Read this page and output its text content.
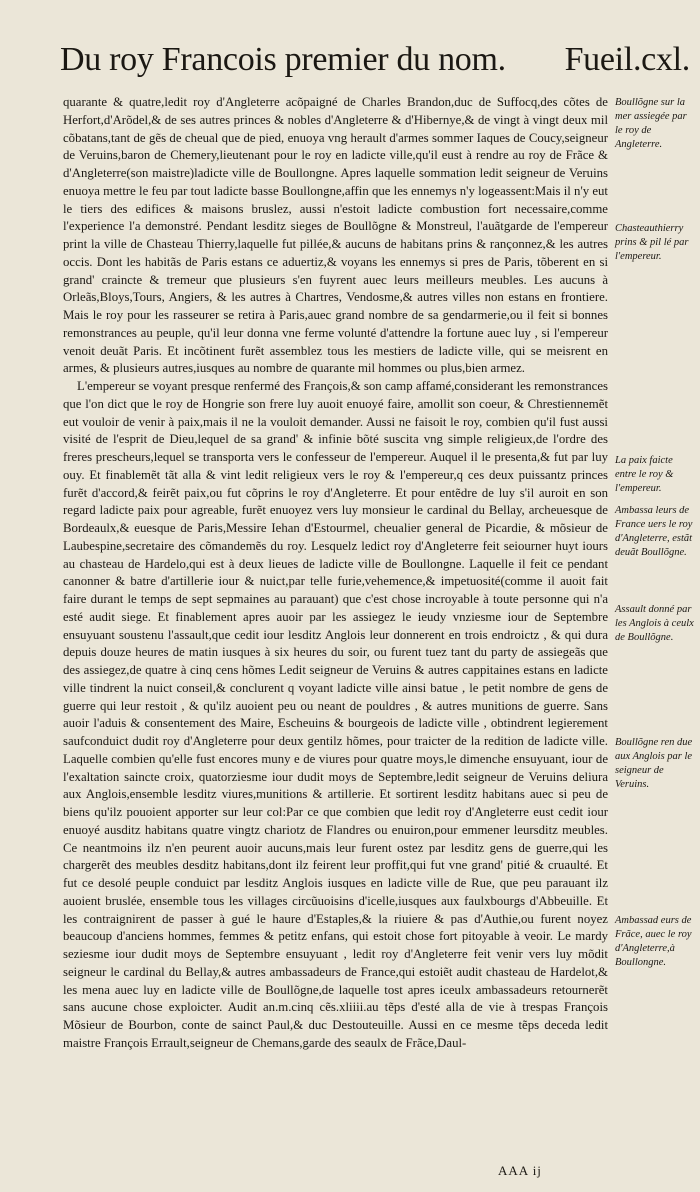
Du roy Francois premier du nom. Fueil.cxl.

quarante & quatre,ledit roy d'Angleterre acõpaigné de Charles Brandon,duc de Suffocq,des cõtes de Herfort,d'Arõdel,& de ses autres princes & nobles d'Angleterre & d'Hibernye,& de vingt à vingt deux mil cõbatans,tant de gẽs de cheual que de pied, enuoya vng herault d'armes sommer Iaques de Coucy,seigneur de Veruins,baron de Chemery,lieutenant pour le roy en ladicte ville,qu'il eust à rendre au roy de Frãce & d'Angleterre(son maistre)ladicte ville de Boullongne. Apres laquelle sommation ledit seigneur de Veruins enuoya mettre le feu par tout ladicte basse Boullongne,affin que les ennemys n'y logeassent:Mais il n'y eut le tiers des edifices & maisons bruslez, aussi n'estoit ladicte combustion fort necessaire,comme l'experience l'a demonstré. Pendant lesditz sieges de Boullõgne & Monstreul, l'auãtgarde de l'empereur print la ville de Chasteau Thierry,laquelle fut pillée,& aucuns de habitans prins & rançonnez,& les autres occis. Dont les habitãs de Paris estans ce aduertiz,& voyans les ennemys si pres de Paris, tõberent en si grand' craincte & tremeur que plusieurs s'en fuyrent auec leurs meilleurs meubles. Les aucuns à Orleãs,Bloys,Tours, Angiers, & les autres à Chartres, Vendosme,& autres villes non estans en frontiere. Mais le roy pour les rasseurer se retira à Paris,auec grand nombre de sa gendarmerie,ou il feit si bonnes remonstrances au peuple, qu'il leur donna vne ferme volunté d'attendre la fortune auec luy , si l'empereur venoit deuãt Paris. Et incõtinent furẽt assemblez tous les mestiers de ladicte ville, qui se meisrent en armes, & plusieurs autres,iusques au nombre de quarante mil hommes ou plus,bien armez.

L'empereur se voyant presque renfermé des François,& son camp affamé,considerant les remonstrances que l'on dict que le roy de Hongrie son frere luy auoit enuoyé faire, amollit son coeur, & Chrestiennemẽt eut vouloir de venir à paix,mais il ne la vouloit demander. Aussi ne faisoit le roy, combien qu'il fust aussi visité de l'esprit de Dieu,lequel de sa grand' & infinie bõté suscita vng simple religieux,de l'ordre des freres prescheurs,lequel se transporta vers le confesseur de l'empereur. Auquel il le presenta,& fut par luy ouy. Et finablemẽt tãt alla & vint ledit religieux vers le roy & l'empereur,q ces deux puissantz princes furẽt d'accord,& feirẽt paix,ou fut cõprins le roy d'Angleterre. Et pour entẽdre de luy s'il auroit en son regard ladicte paix pour agreable, furẽt enuoyez vers luy monsieur le cardinal du Bellay, archeuesque de Bordeaulx,& euesque de Paris,Messire Iehan d'Estourmel, cheualier general de Picardie, & mõsieur de Laubespine,secretaire des cõmandemẽs du roy. Lesquelz ledict roy d'Angleterre feit seiourner huyt iours au chasteau de Hardelo,qui est à deux lieues de ladicte ville de Boullongne. Laquelle il feit ce pendant canonner & batre d'artillerie iour & nuict,par telle furie,vehemence,& impetuosité(comme il auoit fait faire durant le temps de sept sepmaines au parauant) que c'est chose incroyable à toute personne qui n'a esté audit siege. Et finablement apres auoir par les assiegez le ieudy vnziesme iour de Septembre ensuyuant soustenu l'assault,que cedit iour lesditz Anglois leur donnerent en trois endroictz , & qui dura depuis douze heures de matin iusques à six heures du soir, ou furent tuez tant du party de assiegeãs que des assiegez,de quatre à cinq cens hõmes Ledit seigneur de Veruins & autres cappitaines estans en ladicte ville tindrent la nuict conseil,& conclurent q voyant ladicte ville ainsi batue , le petit nombre de gens de guerre qui leur restoit , & qu'ilz auoient peu ou neant de pouldres , & autres munitions de guerre. Sans auoir l'aduis & consentement des Maire, Escheuins & bourgeois de ladicte ville , obtindrent legierement saufconduict dudit roy d'Angleterre pour deux gentilz hõmes, pour traicter de la redition de ladicte ville. Laquelle combien qu'elle fust encores muny e de viures pour quatre moys,le dimenche ensuyuant, iour de l'exaltation saincte croix, quatorziesme iour dudit moys de Septembre,ledit seigneur de Veruins deliura aux Anglois,ensemble lesditz viures,munitions & artillerie. Et sortirent lesditz habitans auec si peu de biens qu'ilz pouoient apporter sur leur col:Par ce que combien que ledit roy d'Angleterre eust cedit iour enuoyé ausditz habitans quatre vingtz chariotz de Flandres ou enuiron,pour emmener leursditz meubles. Ce neantmoins ilz n'en peurent auoir aucuns,mais leur furent ostez par lesditz gens de guerre,qui les chargerẽt des meubles desditz habitans,dont ilz feirent leur proffit,qui fut vne grand' pitié & cruaulté. Et fut ce desolé peuple conduict par lesditz Anglois iusques en ladicte ville de Rue, que peu parauant ilz auoient bruslée, ensemble tous les villages circũuoisins d'icelle,iusques aux faulxbourgs d'Abbeuille. Et les contraignirent de passer à gué le haure d'Estaples,& la riuiere & pas d'Authie,ou furent noyez beaucoup d'anciens hommes, femmes & petitz enfans, qui estoit chose fort pitoyable à veoir. Le mardy seziesme iour dudit moys de Septembre ensuyuant , ledit roy d'Angleterre feit venir vers luy mõdit seigneur le cardinal du Bellay,& autres ambassadeurs de France,qui estoiẽt audit chasteau de Hardelot,& les mena auec luy en ladicte ville de Boullõgne,de laquelle tost apres iceulx ambassadeurs retournerẽt sans aucune chose exploicter. Audit an.m.cinq cẽs.xliiii.au tẽps d'esté alla de vie à trespas François Mõsieur de Bourbon, conte de sainct Paul,& duc Destouteuille. Aussi en ce mesme tẽps deceda ledit maistre François Errault,seigneur de Chemans,garde des seaulx de Frãce,Daul-

Boullõgne sur la mer assiegée par le roy de Angleterre.
Chasteauthierry prins & pil lé par l'empereur.
La paix faicte entre le roy & l'empereur.
Ambassa leurs de France uers le roy d'Angleterre, estãt deuãt Boullõgne.
Assault donné par les Anglois à ceulx de Boullõgne.
Boullõgne ren due aux Anglois par le seigneur de Veruins.
Ambassad eurs de Frãce, auec le roy d'Angleterre,à Boullongne.
AAA ij
